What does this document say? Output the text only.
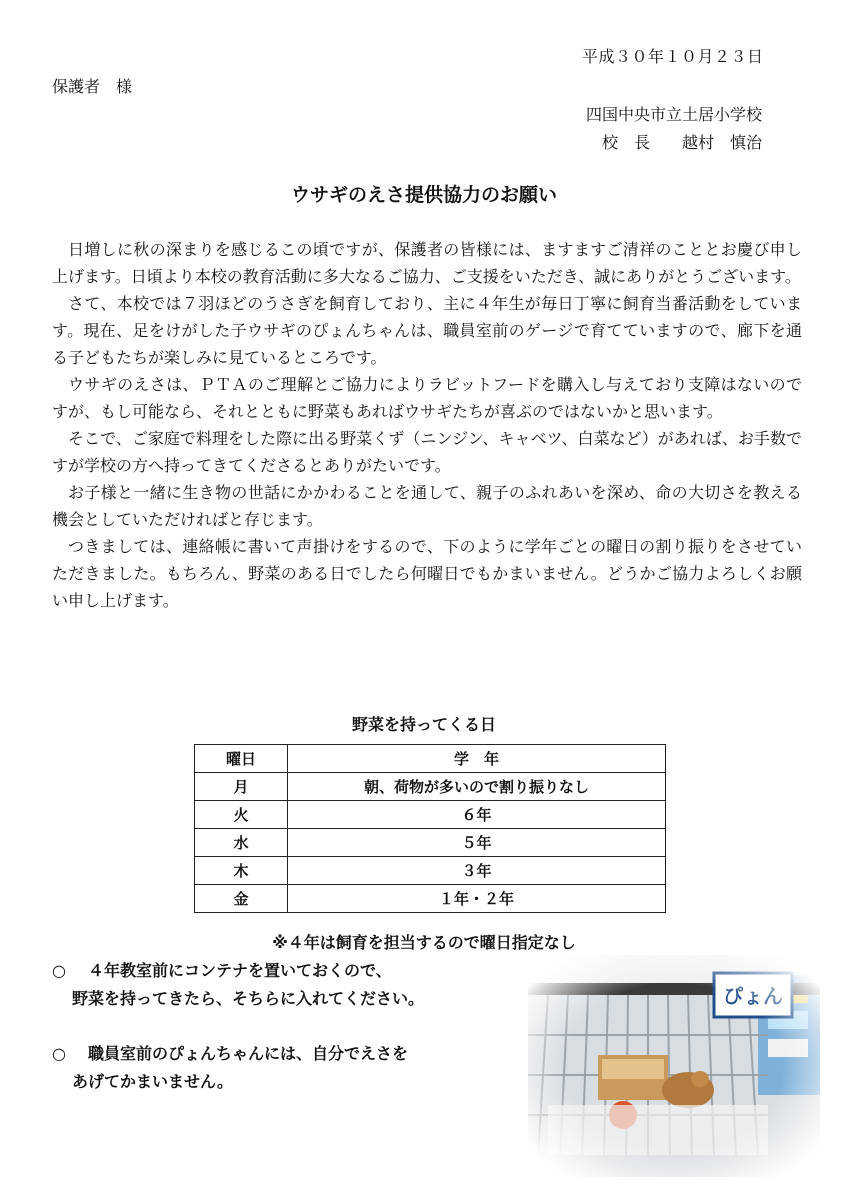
平成３０年１０月２３日
保護者　様
四国中央市立土居小学校
校　長　　越村　慎治
ウサギのえさ提供協力のお願い

日増しに秋の深まりを感じるこの頃ですが、保護者の皆様には、ますますご清祥のこととお慶び申し上げます。日頃より本校の教育活動に多大なるご協力、ご支援をいただき、誠にありがとうございます。

さて、本校では７羽ほどのうさぎを飼育しており、主に４年生が毎日丁寧に飼育当番活動をしています。現在、足をけがした子ウサギのぴょんちゃんは、職員室前のゲージで育てていますので、廊下を通る子どもたちが楽しみに見ているところです。

ウサギのえさは、ＰＴＡのご理解とご協力によりラビットフードを購入し与えており支障はないのですが、もし可能なら、それとともに野菜もあればウサギたちが喜ぶのではないかと思います。

そこで、ご家庭で料理をした際に出る野菜くず（ニンジン、キャベツ、白菜など）があれば、お手数ですが学校の方へ持ってきてくださるとありがたいです。

お子様と一緒に生き物の世話にかかわることを通して、親子のふれあいを深め、命の大切さを教える機会としていただければと存じます。

つきましては、連絡帳に書いて声掛けをするので、下のように学年ごとの曜日の割り振りをさせていただきました。もちろん、野菜のある日でしたら何曜日でもかまいません。どうかご協力よろしくお願い申し上げます。

野菜を持ってくる日
曜日	学　年
月	朝、荷物が多いので割り振りなし
火	６年
水	５年
木	３年
金	１年・２年
※４年は飼育を担当するので曜日指定なし
○ ４年教室前にコンテナを置いておくので、
野菜を持ってきたら、そちらに入れてください。
○ 職員室前のぴょんちゃんには、自分でえさを
あげてかまいません。
